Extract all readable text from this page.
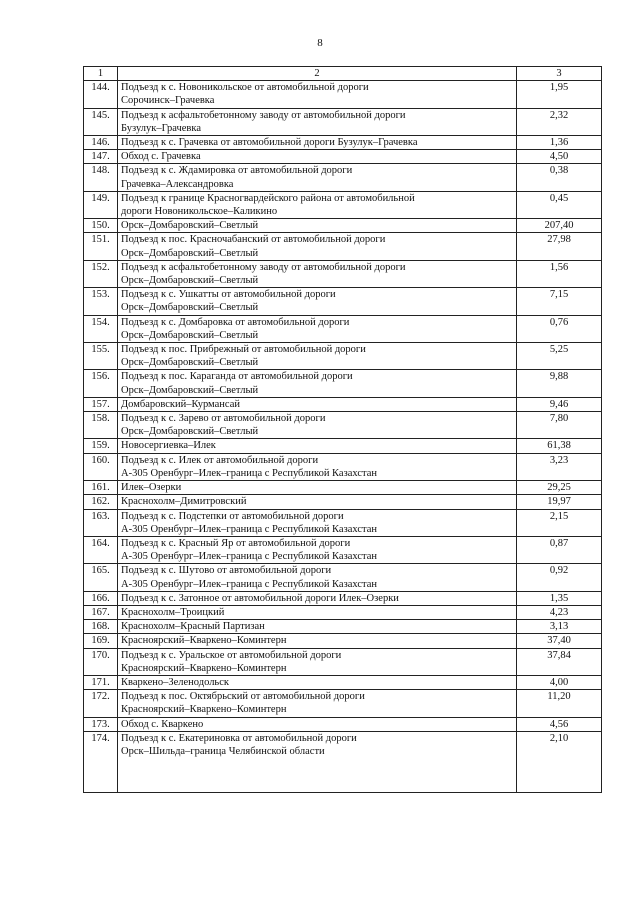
8
1	2	3
144.	Подъезд к с. Новоникольское от автомобильной дороги
Сорочинск–Грачевка	1,95
145.	Подъезд к асфальтобетонному заводу от автомобильной дороги
Бузулук–Грачевка	2,32
146.	Подъезд к с. Грачевка от автомобильной дороги Бузулук–Грачевка	1,36
147.	Обход с. Грачевка	4,50
148.	Подъезд к с. Ждамировка от автомобильной дороги
Грачевка–Александровка	0,38
149.	Подъезд к границе Красногвардейского района от автомобильной
дороги Новоникольское–Каликино	0,45
150.	Орск–Домбаровский–Светлый	207,40
151.	Подъезд к пос. Красночабанский от автомобильной дороги
Орск–Домбаровский–Светлый	27,98
152.	Подъезд к асфальтобетонному заводу от автомобильной дороги
Орск–Домбаровский–Светлый	1,56
153.	Подъезд к с. Ушкатты от автомобильной дороги
Орск–Домбаровский–Светлый	7,15
154.	Подъезд к с. Домбаровка от автомобильной дороги
Орск–Домбаровский–Светлый	0,76
155.	Подъезд к пос. Прибрежный от автомобильной дороги
Орск–Домбаровский–Светлый	5,25
156.	Подъезд к пос. Караганда от автомобильной дороги
Орск–Домбаровский–Светлый	9,88
157.	Домбаровский–Курмансай	9,46
158.	Подъезд к с. Зарево от автомобильной дороги
Орск–Домбаровский–Светлый	7,80
159.	Новосергиевка–Илек	61,38
160.	Подъезд к с. Илек от автомобильной дороги
А-305 Оренбург–Илек–граница с Республикой Казахстан	3,23
161.	Илек–Озерки	29,25
162.	Краснохолм–Димитровский	19,97
163.	Подъезд к с. Подстепки от автомобильной дороги
А-305 Оренбург–Илек–граница с Республикой Казахстан	2,15
164.	Подъезд к с. Красный Яр от автомобильной дороги
А-305 Оренбург–Илек–граница с Республикой Казахстан	0,87
165.	Подъезд к с. Шутово от автомобильной дороги
А-305 Оренбург–Илек–граница с Республикой Казахстан	0,92
166.	Подъезд к с. Затонное от автомобильной дороги Илек–Озерки	1,35
167.	Краснохолм–Троицкий	4,23
168.	Краснохолм–Красный Партизан	3,13
169.	Красноярский–Кваркено–Коминтерн	37,40
170.	Подъезд к с. Уральское от автомобильной дороги
Красноярский–Кваркено–Коминтерн	37,84
171.	Кваркено–Зеленодольск	4,00
172.	Подъезд к пос. Октябрьский от автомобильной дороги
Красноярский–Кваркено–Коминтерн	11,20
173.	Обход с. Кваркено	4,56
174.	Подъезд к с. Екатериновка от автомобильной дороги
Орск–Шильда–граница Челябинской области	2,10
